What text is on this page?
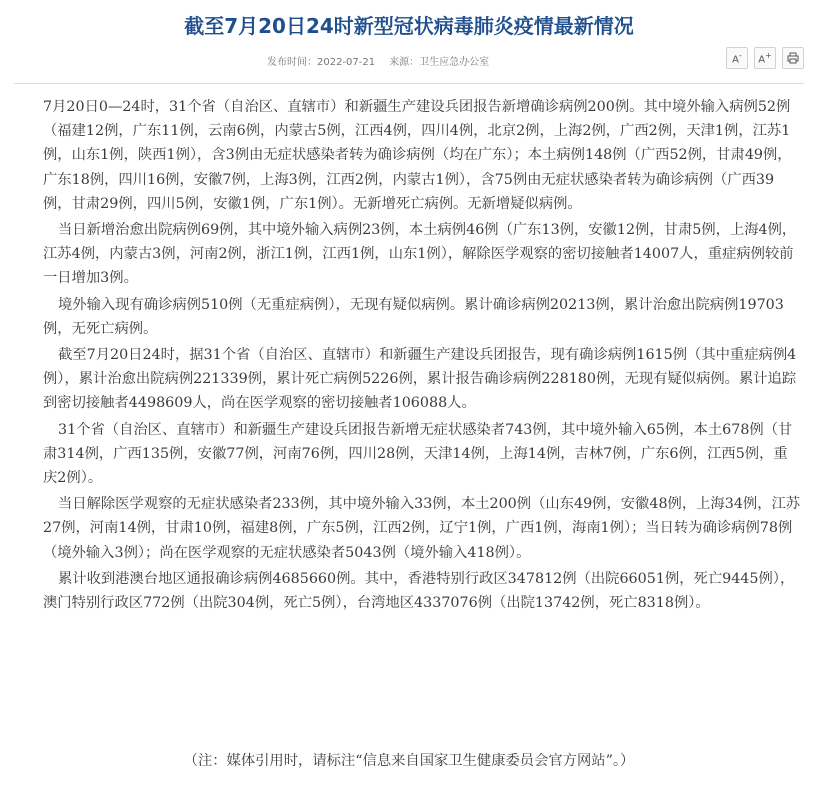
截至7月20日24时新型冠状病毒肺炎疫情最新情况
发布时间：2022-07-21 来源：卫生应急办公室	A- A+

7月20日0—24时，31个省（自治区、直辖市）和新疆生产建设兵团报告新增确诊病例200例。其中境外输入病例52例（福建12例，广东11例，云南6例，内蒙古5例，江西4例，四川4例，北京2例，上海2例，广西2例，天津1例，江苏1例，山东1例，陕西1例），含3例由无症状感染者转为确诊病例（均在广东）；本土病例148例（广西52例，甘肃49例，广东18例，四川16例，安徽7例，上海3例，江西2例，内蒙古1例），含75例由无症状感染者转为确诊病例（广西39例，甘肃29例，四川5例，安徽1例，广东1例）。无新增死亡病例。无新增疑似病例。

当日新增治愈出院病例69例，其中境外输入病例23例，本土病例46例（广东13例，安徽12例，甘肃5例，上海4例，江苏4例，内蒙古3例，河南2例，浙江1例，江西1例，山东1例），解除医学观察的密切接触者14007人，重症病例较前一日增加3例。

境外输入现有确诊病例510例（无重症病例），无现有疑似病例。累计确诊病例20213例，累计治愈出院病例19703例，无死亡病例。

截至7月20日24时，据31个省（自治区、直辖市）和新疆生产建设兵团报告，现有确诊病例1615例（其中重症病例4例），累计治愈出院病例221339例，累计死亡病例5226例，累计报告确诊病例228180例，无现有疑似病例。累计追踪到密切接触者4498609人，尚在医学观察的密切接触者106088人。

31个省（自治区、直辖市）和新疆生产建设兵团报告新增无症状感染者743例，其中境外输入65例，本土678例（甘肃314例，广西135例，安徽77例，河南76例，四川28例，天津14例，上海14例，吉林7例，广东6例，江西5例，重庆2例）。

当日解除医学观察的无症状感染者233例，其中境外输入33例，本土200例（山东49例，安徽48例，上海34例，江苏27例，河南14例，甘肃10例，福建8例，广东5例，江西2例，辽宁1例，广西1例，海南1例）；当日转为确诊病例78例（境外输入3例）；尚在医学观察的无症状感染者5043例（境外输入418例）。

累计收到港澳台地区通报确诊病例4685660例。其中，香港特别行政区347812例（出院66051例，死亡9445例），澳门特别行政区772例（出院304例，死亡5例），台湾地区4337076例（出院13742例，死亡8318例）。

（注：媒体引用时，请标注“信息来自国家卫生健康委员会官方网站”。）
